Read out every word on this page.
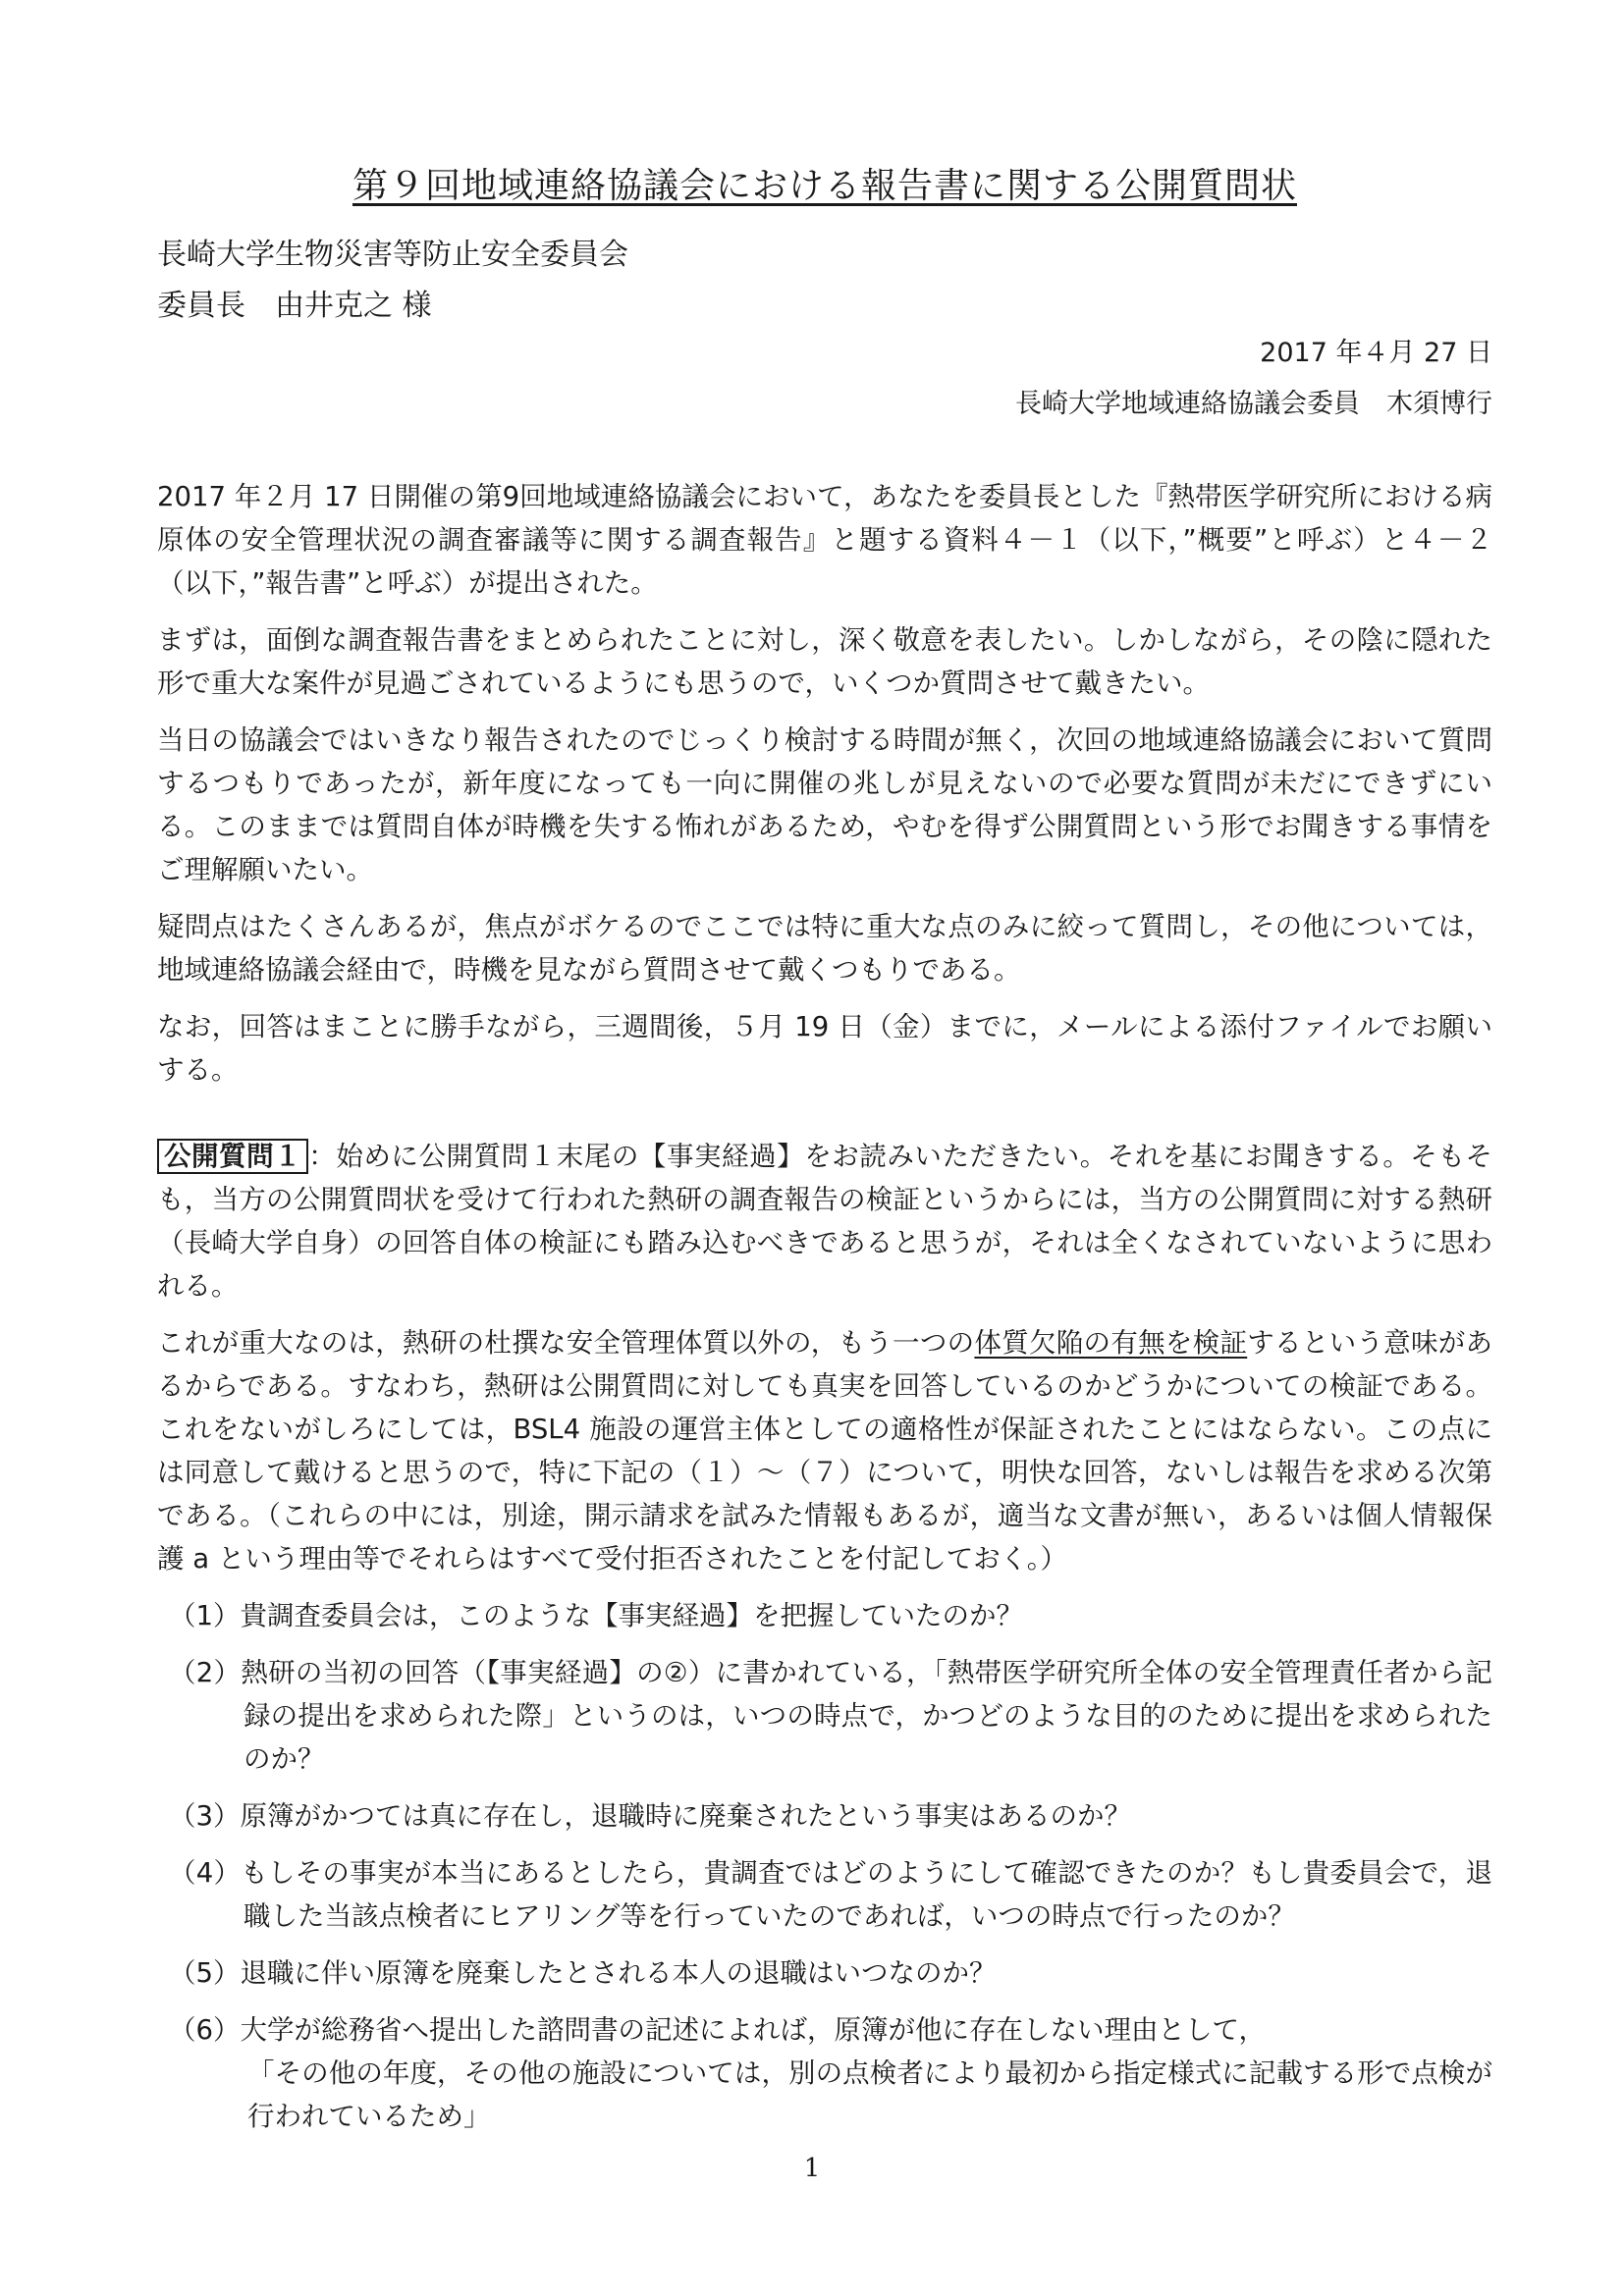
第９回地域連絡協議会における報告書に関する公開質問状
長崎大学生物災害等防止安全委員会
委員長　由井克之 様
2017 年４月 27 日
長崎大学地域連絡協議会委員　木須博行

2017 年２月 17 日開催の第9回地域連絡協議会において，あなたを委員長とした『熱帯医学研究所における病原体の安全管理状況の調査審議等に関する調査報告』と題する資料４－１（以下，”概要”と呼ぶ）と４－２（以下，”報告書”と呼ぶ）が提出された。

まずは，面倒な調査報告書をまとめられたことに対し，深く敬意を表したい。しかしながら，その陰に隠れた形で重大な案件が見過ごされているようにも思うので，いくつか質問させて戴きたい。

当日の協議会ではいきなり報告されたのでじっくり検討する時間が無く，次回の地域連絡協議会において質問するつもりであったが，新年度になっても一向に開催の兆しが見えないので必要な質問が未だにできずにいる。このままでは質問自体が時機を失する怖れがあるため，やむを得ず公開質問という形でお聞きする事情をご理解願いたい。

疑問点はたくさんあるが，焦点がボケるのでここでは特に重大な点のみに絞って質問し，その他については，地域連絡協議会経由で，時機を見ながら質問させて戴くつもりである。

なお，回答はまことに勝手ながら，三週間後，５月 19 日（金）までに，メールによる添付ファイルでお願いする。

公開質問１ ：始めに公開質問１末尾の【事実経過】をお読みいただきたい。それを基にお聞きする。そもそも，当方の公開質問状を受けて行われた熱研の調査報告の検証というからには，当方の公開質問に対する熱研（長崎大学自身）の回答自体の検証にも踏み込むべきであると思うが，それは全くなされていないように思われる。

これが重大なのは，熱研の杜撰な安全管理体質以外の，もう一つの体質欠陥の有無を検証するという意味があるからである。すなわち，熱研は公開質問に対しても真実を回答しているのかどうかについての検証である。これをないがしろにしては，BSL4 施設の運営主体としての適格性が保証されたことにはならない。この点には同意して戴けると思うので，特に下記の（１）～（７）について，明快な回答，ないしは報告を求める次第である。（これらの中には，別途，開示請求を試みた情報もあるが，適当な文書が無い，あるいは個人情報保護 a という理由等でそれらはすべて受付拒否されたことを付記しておく。）

（1）貴調査委員会は，このような【事実経過】を把握していたのか？
（2）熱研の当初の回答（【事実経過】の②）に書かれている，「熱帯医学研究所全体の安全管理責任者から記録の提出を求められた際」というのは，いつの時点で，かつどのような目的のために提出を求められたのか？
（3）原簿がかつては真に存在し，退職時に廃棄されたという事実はあるのか？
（4）もしその事実が本当にあるとしたら，貴調査ではどのようにして確認できたのか？もし貴委員会で，退職した当該点検者にヒアリング等を行っていたのであれば，いつの時点で行ったのか？
（5）退職に伴い原簿を廃棄したとされる本人の退職はいつなのか？
（6）大学が総務省へ提出した諮問書の記述によれば，原簿が他に存在しない理由として，

「その他の年度，その他の施設については，別の点検者により最初から指定様式に記載する形で点検が行われているため」

1
